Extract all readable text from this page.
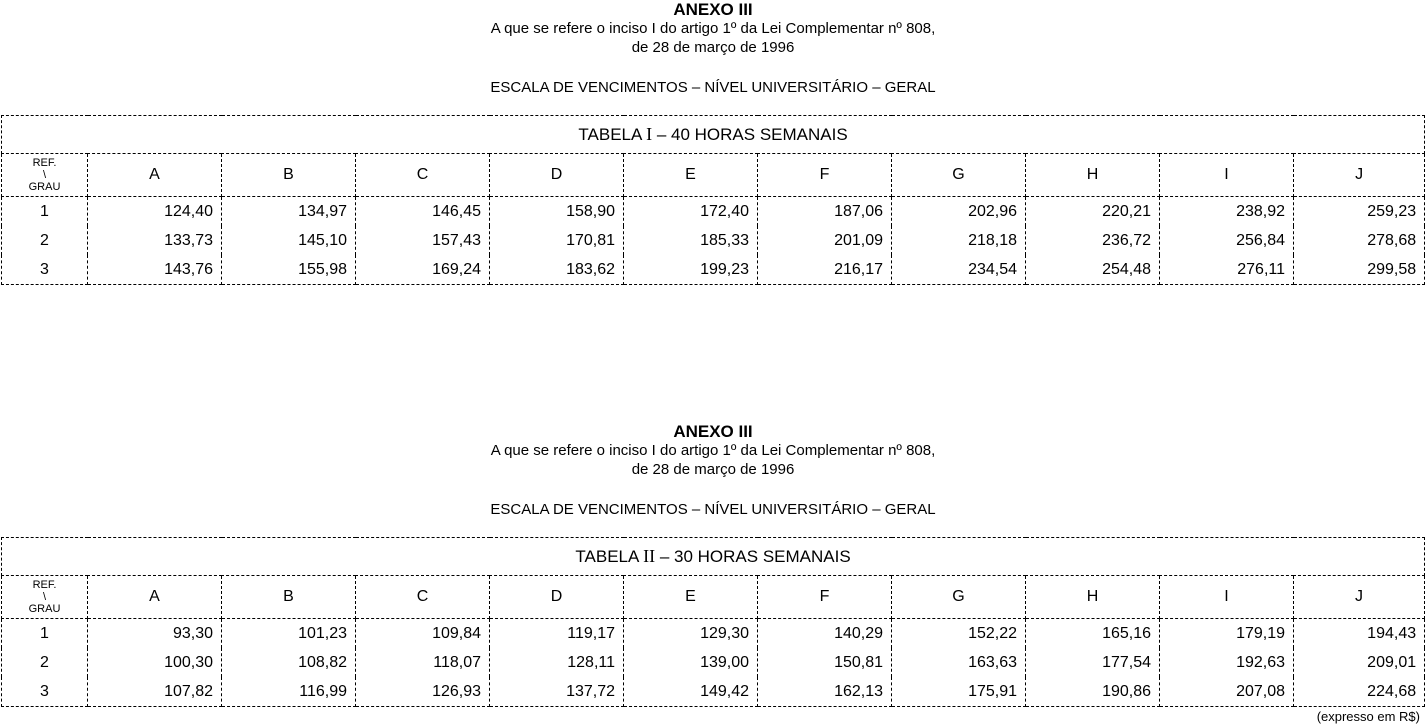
ANEXO III
A que se refere o inciso I do artigo 1º da Lei Complementar nº 808,
de 28 de março de 1996
ESCALA DE VENCIMENTOS – NÍVEL UNIVERSITÁRIO – GERAL
TABELA I – 40 HORAS SEMANAIS										

REF.
\
GRAU	A	B	C	D	E	F	G	H	I	J
1	124,40	134,97	146,45	158,90	172,40	187,06	202,96	220,21	238,92	259,23
2	133,73	145,10	157,43	170,81	185,33	201,09	218,18	236,72	256,84	278,68
3	143,76	155,98	169,24	183,62	199,23	216,17	234,54	254,48	276,11	299,58
ANEXO III
A que se refere o inciso I do artigo 1º da Lei Complementar nº 808,
de 28 de março de 1996
ESCALA DE VENCIMENTOS – NÍVEL UNIVERSITÁRIO – GERAL
TABELA II – 30 HORAS SEMANAIS										

REF.
\
GRAU	A	B	C	D	E	F	G	H	I	J
1	93,30	101,23	109,84	119,17	129,30	140,29	152,22	165,16	179,19	194,43
2	100,30	108,82	118,07	128,11	139,00	150,81	163,63	177,54	192,63	209,01
3	107,82	116,99	126,93	137,72	149,42	162,13	175,91	190,86	207,08	224,68
(expresso em R$)
